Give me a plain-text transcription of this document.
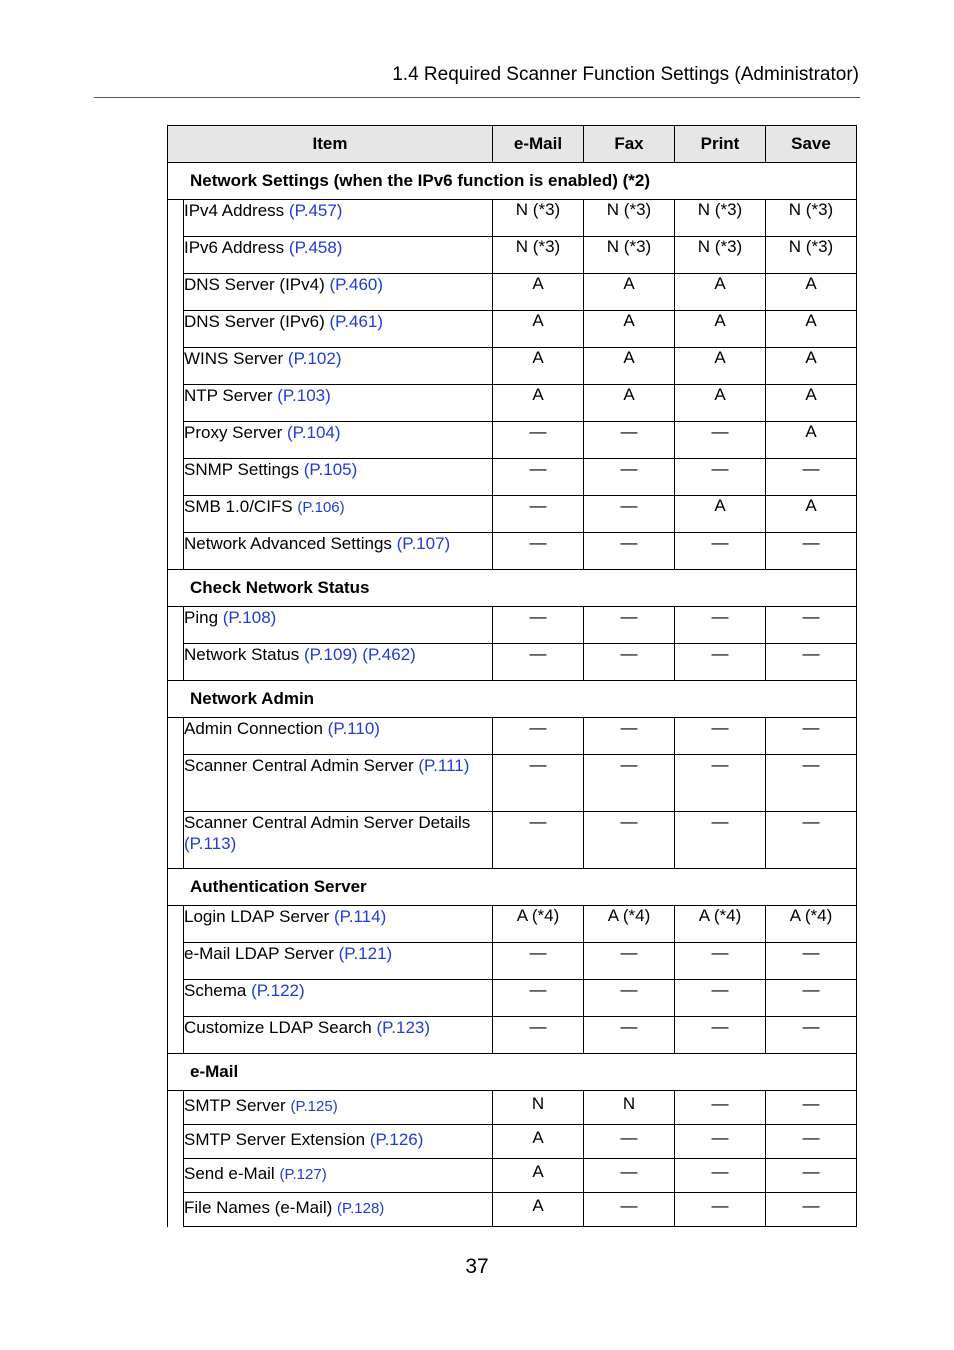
1.4 Required Scanner Function Settings (Administrator)
Item		e-Mail	Fax	Print	Save
Network Settings (when the IPv6 function is enabled) (*2)					
	IPv4 Address (P.457)	N (*3)	N (*3)	N (*3)	N (*3)
	IPv6 Address (P.458)	N (*3)	N (*3)	N (*3)	N (*3)
	DNS Server (IPv4) (P.460)	A	A	A	A
	DNS Server (IPv6) (P.461)	A	A	A	A
	WINS Server (P.102)	A	A	A	A
	NTP Server (P.103)	A	A	A	A
	Proxy Server (P.104)	—	—	—	A
	SNMP Settings (P.105)	—	—	—	—
	SMB 1.0/CIFS (P.106)	—	—	A	A
	Network Advanced Settings (P.107)	—	—	—	—
Check Network Status					
	Ping (P.108)	—	—	—	—
	Network Status (P.109) (P.462)	—	—	—	—
Network Admin					
	Admin Connection (P.110)	—	—	—	—
	Scanner Central Admin Server (P.111)	—	—	—	—
	Scanner Central Admin Server Details (P.113)	—	—	—	—
Authentication Server					
	Login LDAP Server (P.114)	A (*4)	A (*4)	A (*4)	A (*4)
	e-Mail LDAP Server (P.121)	—	—	—	—
	Schema (P.122)	—	—	—	—
	Customize LDAP Search (P.123)	—	—	—	—
e-Mail					
	SMTP Server (P.125)	N	N	—	—
	SMTP Server Extension (P.126)	A	—	—	—
	Send e-Mail (P.127)	A	—	—	—
	File Names (e-Mail) (P.128)	A	—	—	—
37
